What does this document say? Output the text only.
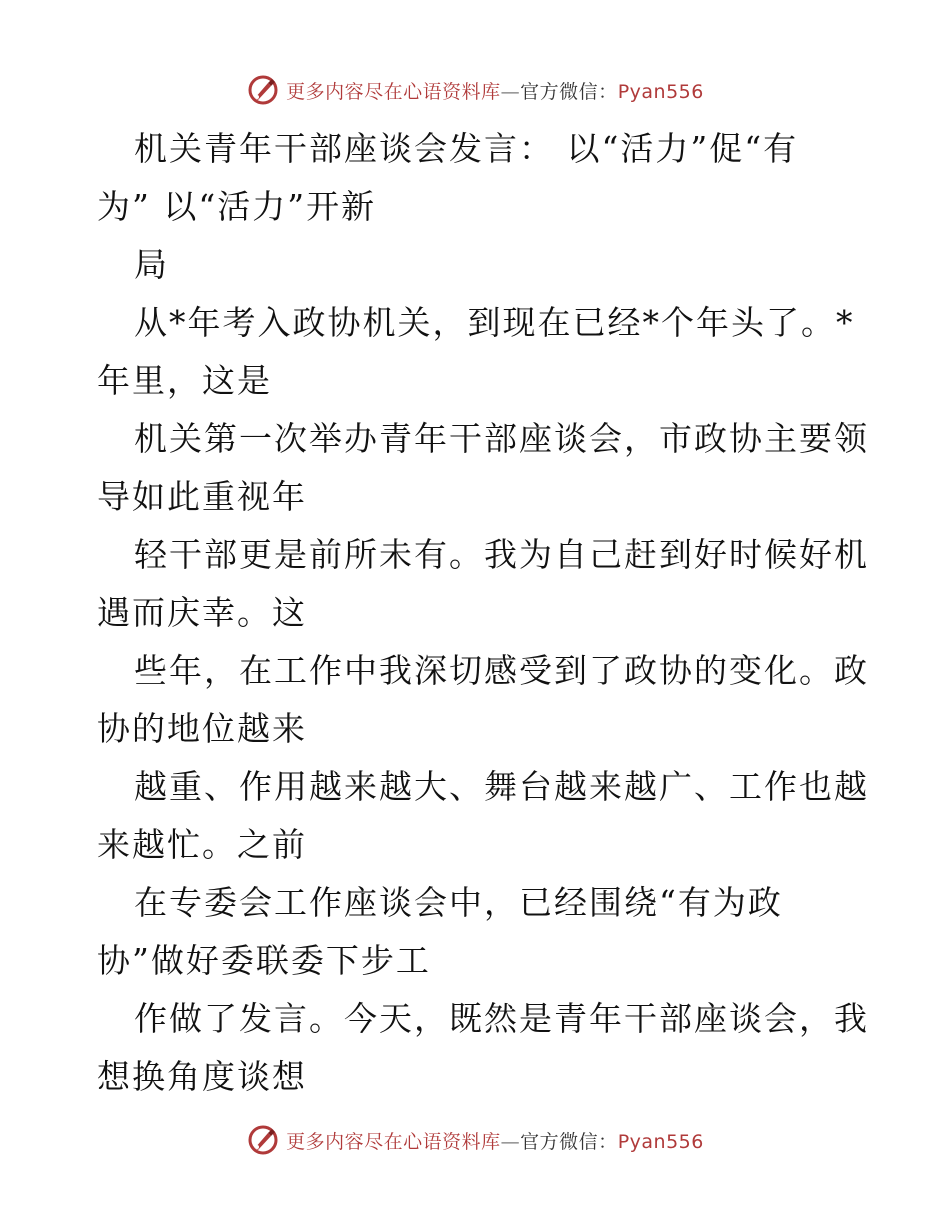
更多内容尽在心语资料库—官方微信：Pyan556
机关青年干部座谈会发言： 以“活力”促“有
为” 以“活力”开新
局
从*年考入政协机关，到现在已经*个年头了。*
年里，这是
机关第一次举办青年干部座谈会，市政协主要领
导如此重视年
轻干部更是前所未有。我为自己赶到好时候好机
遇而庆幸。这
些年，在工作中我深切感受到了政协的变化。政
协的地位越来
越重、作用越来越大、舞台越来越广、工作也越
来越忙。之前
在专委会工作座谈会中，已经围绕“有为政
协”做好委联委下步工
作做了发言。今天，既然是青年干部座谈会，我
想换角度谈想
更多内容尽在心语资料库—官方微信：Pyan556
